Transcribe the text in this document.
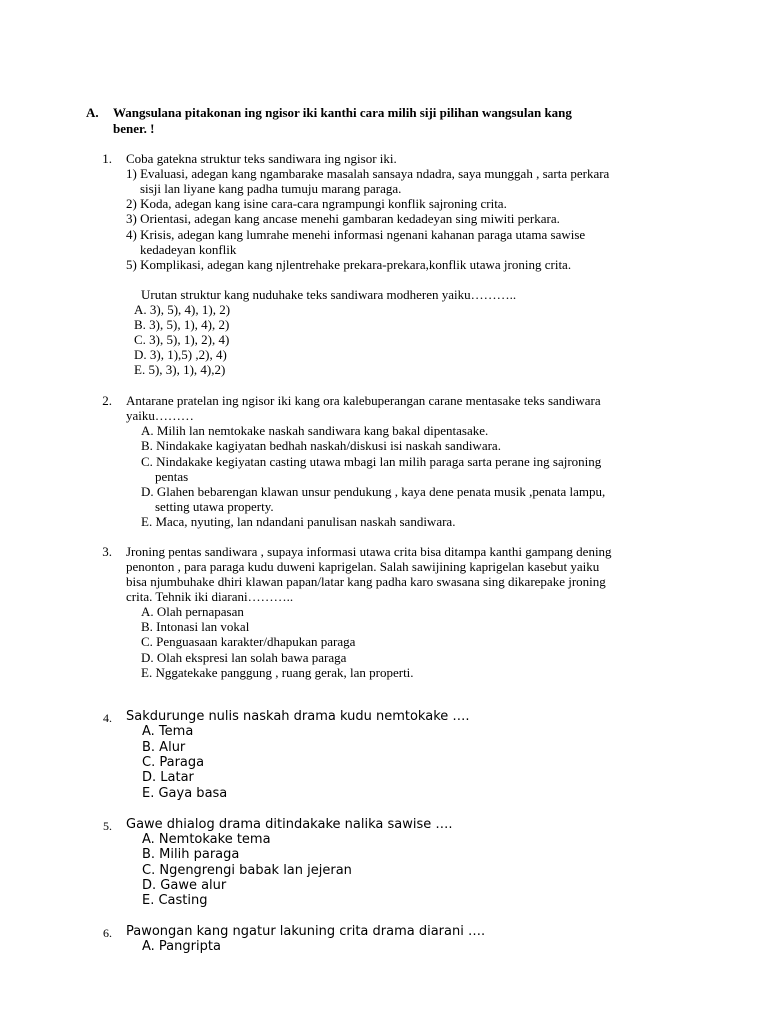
A. Wangsulana pitakonan ing ngisor iki kanthi cara milih siji pilihan wangsulan kang
bener. !
1. Coba gatekna struktur teks sandiwara ing ngisor iki.
1) Evaluasi, adegan kang ngambarake masalah sansaya ndadra, saya munggah , sarta perkara
sisji lan liyane kang padha tumuju marang paraga.
2) Koda, adegan kang isine cara-cara ngrampungi konflik sajroning crita.
3) Orientasi, adegan kang ancase menehi gambaran kedadeyan sing miwiti perkara.
4) Krisis, adegan kang lumrahe menehi informasi ngenani kahanan paraga utama sawise
kedadeyan konflik
5) Komplikasi, adegan kang njlentrehake prekara-prekara,konflik utawa jroning crita.
Urutan struktur kang nuduhake teks sandiwara modheren yaiku………..
A. 3), 5), 4), 1), 2)
B. 3), 5), 1), 4), 2)
C. 3), 5), 1), 2), 4)
D. 3), 1),5) ,2), 4)
E. 5), 3), 1), 4),2)
2. Antarane pratelan ing ngisor iki kang ora kalebuperangan carane mentasake teks sandiwara
yaiku………
A. Milih lan nemtokake naskah sandiwara kang bakal dipentasake.
B. Nindakake kagiyatan bedhah naskah/diskusi isi naskah sandiwara.
C. Nindakake kegiyatan casting utawa mbagi lan milih paraga sarta perane ing sajroning
pentas
D. Glahen bebarengan klawan unsur pendukung , kaya dene penata musik ,penata lampu,
setting utawa property.
E. Maca, nyuting, lan ndandani panulisan naskah sandiwara.
3. Jroning pentas sandiwara , supaya informasi utawa crita bisa ditampa kanthi gampang dening
penonton , para paraga kudu duweni kaprigelan. Salah sawijining kaprigelan kasebut yaiku
bisa njumbuhake dhiri klawan papan/latar kang padha karo swasana sing dikarepake jroning
crita. Tehnik iki diarani………..
A. Olah pernapasan
B. Intonasi lan vokal
C. Penguasaan karakter/dhapukan paraga
D. Olah ekspresi lan solah bawa paraga
E. Nggatekake panggung , ruang gerak, lan properti.
4. Sakdurunge nulis naskah drama kudu nemtokake ….
A. Tema
B. Alur
C. Paraga
D. Latar
E. Gaya basa
5. Gawe dhialog drama ditindakake nalika sawise ….
A. Nemtokake tema
B. Milih paraga
C. Ngengrengi babak lan jejeran
D. Gawe alur
E. Casting
6. Pawongan kang ngatur lakuning crita drama diarani ….
A. Pangripta
